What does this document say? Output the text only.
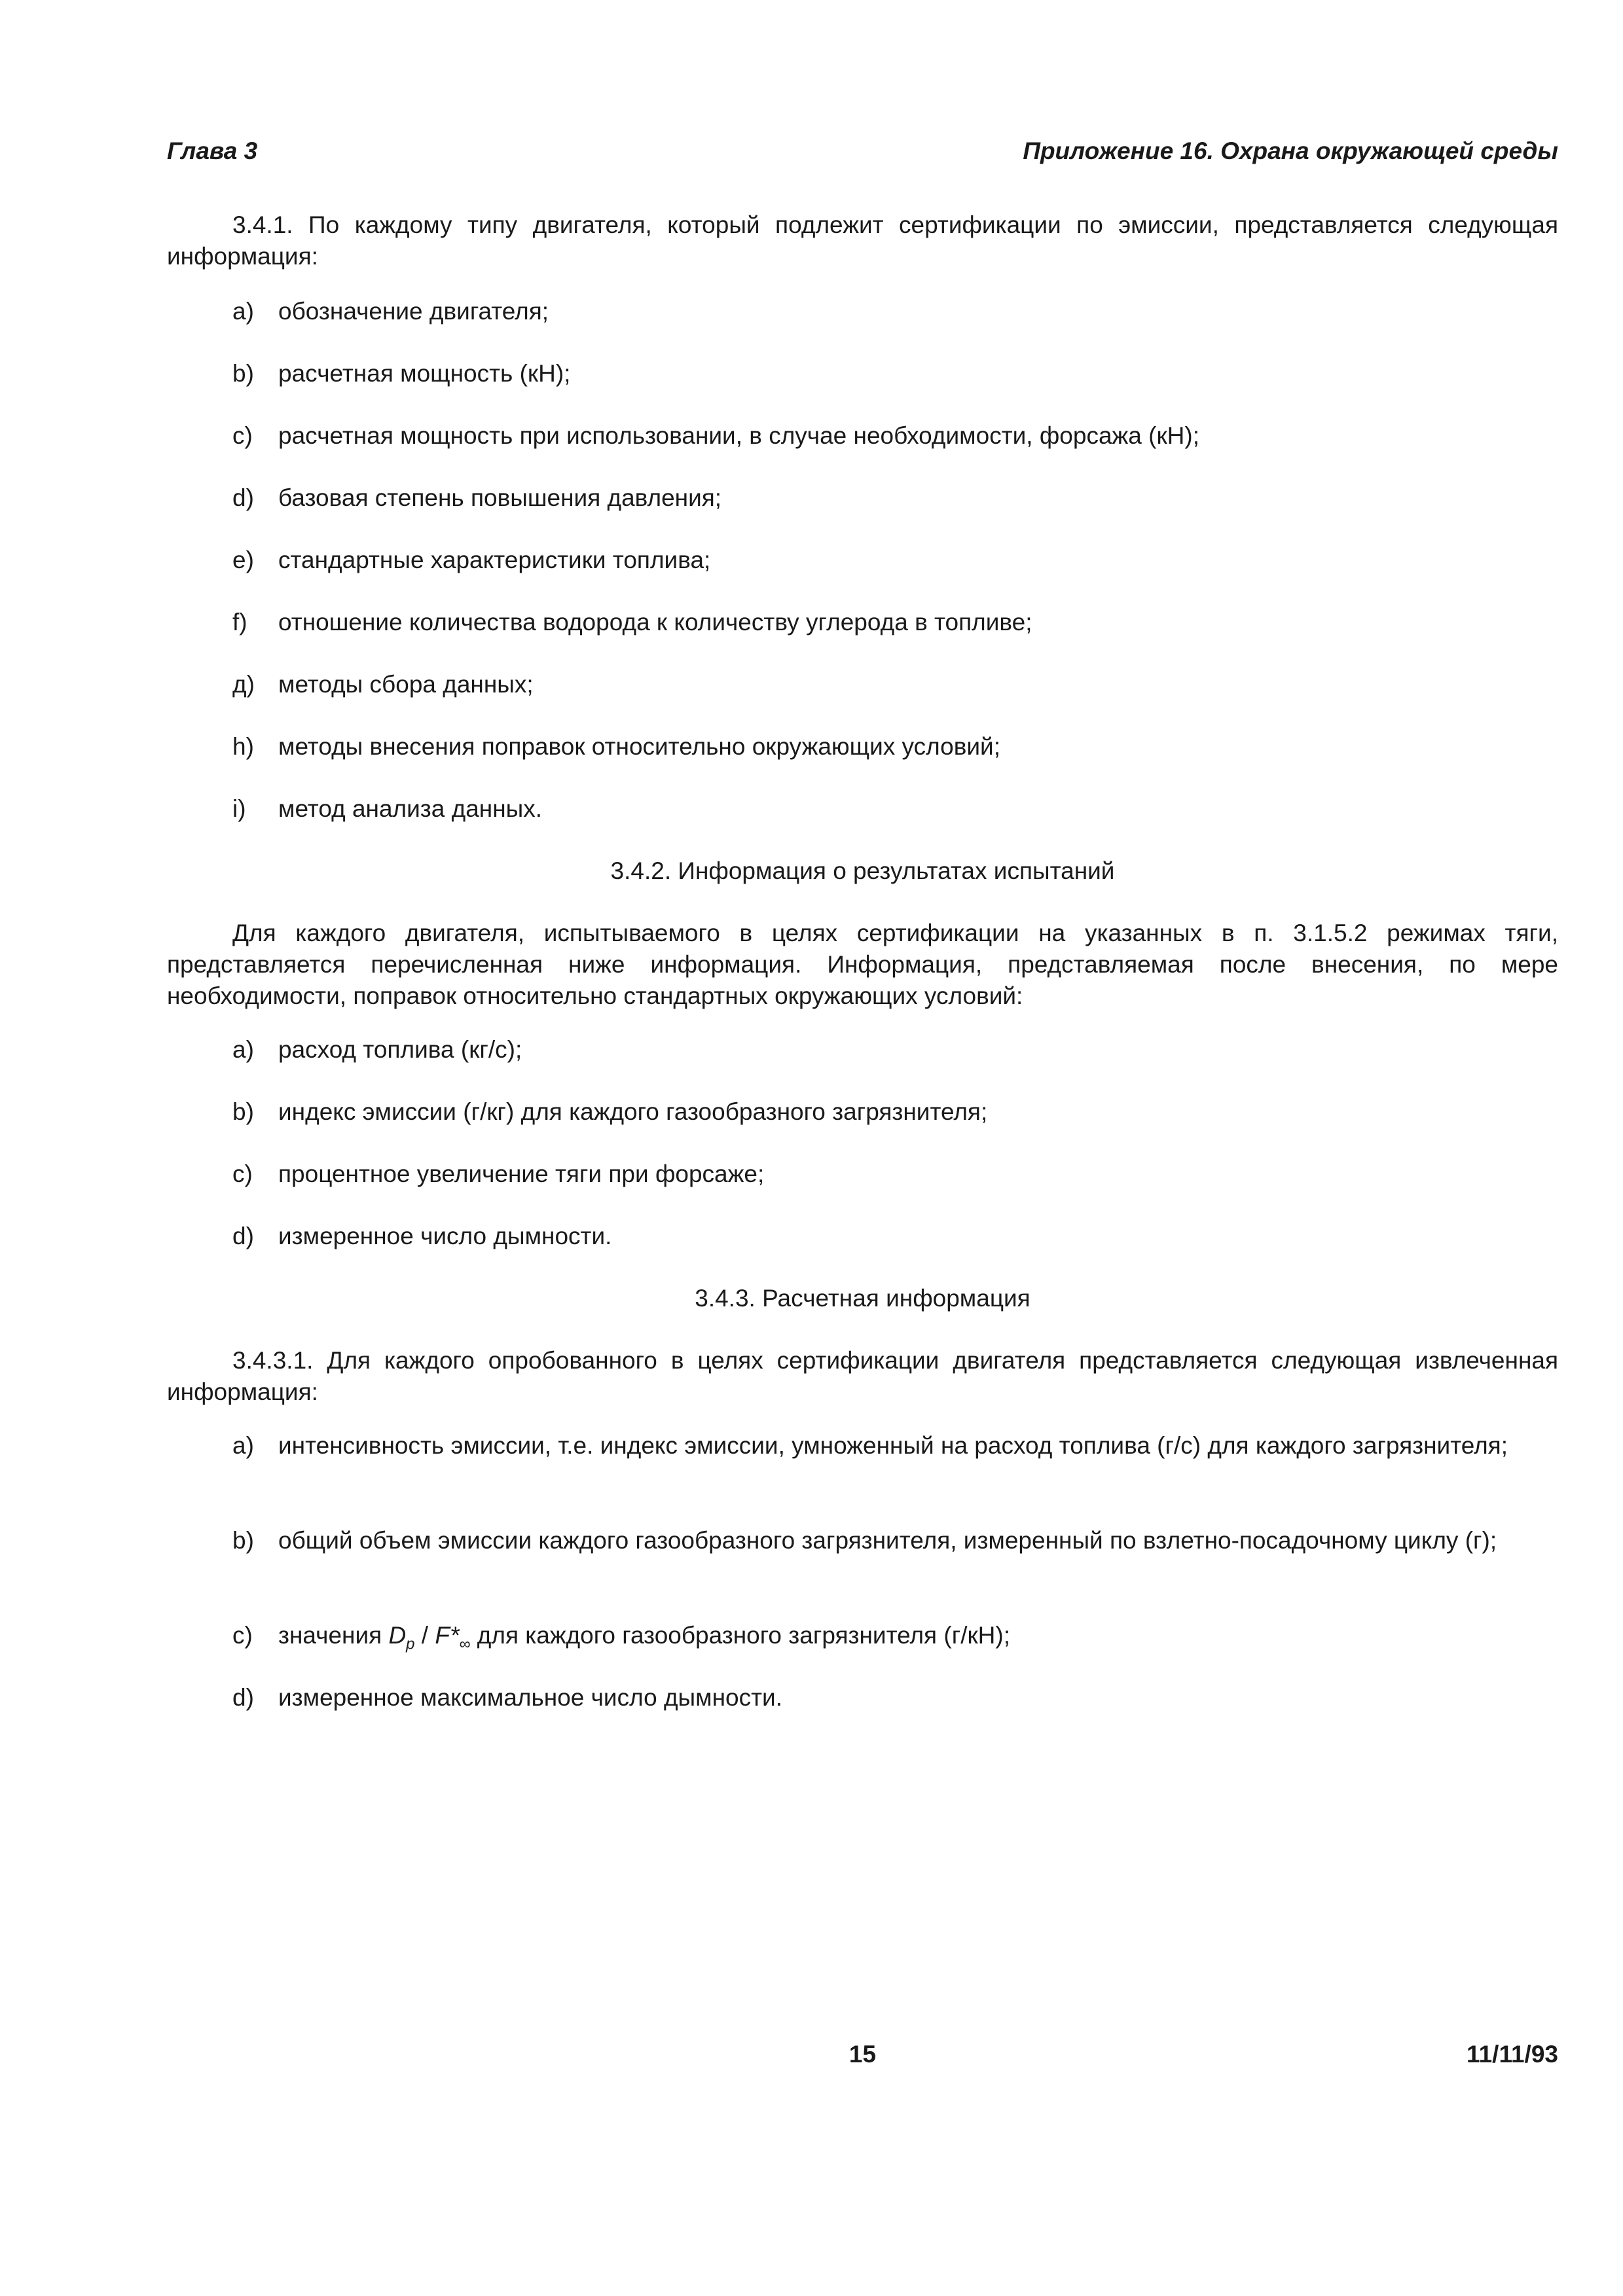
Глава 3	Приложение 16. Охрана окружающей среды
3.4.1. По каждому типу двигателя, который подлежит сертификации по эмиссии, представляется следующая информация:
a)	обозначение двигателя;
b)	расчетная мощность (кН);
c)	расчетная мощность при использовании, в случае необходимости, форсажа (кН);
d)	базовая степень повышения давления;
e)	стандартные характеристики топлива;
f)	отношение количества водорода к количеству углерода в топливе;
д) методы сбора данных;
h)	методы внесения поправок относительно окружающих условий;
i)	метод анализа данных.
3.4.2. Информация о результатах испытаний
Для каждого двигателя, испытываемого в целях сертификации на указанных в п. 3.1.5.2 режимах тяги, представляется перечисленная ниже информация. Информация, представляемая после внесения, по мере необходимости, поправок относительно стандартных окружающих условий:
a)	расход топлива (кг/с);
b)	индекс эмиссии (г/кг) для каждого газообразного загрязнителя;
c)	процентное увеличение тяги при форсаже;
d)	измеренное число дымности.
3.4.3. Расчетная информация
3.4.3.1. Для каждого опробованного в целях сертификации двигателя представляется следующая извлеченная информация:
a)	интенсивность эмиссии, т.е. индекс эмиссии, умноженный на расход топлива (г/с) для каждого загрязнителя;
b)	общий объем эмиссии каждого газообразного загрязнителя, измеренный по взлетно-посадочному циклу (г);
c)	значения $D_p / F*_\infty$ для каждого газообразного загрязнителя (г/кН);
d)	измеренное максимальное число дымности.
15	11/11/93
